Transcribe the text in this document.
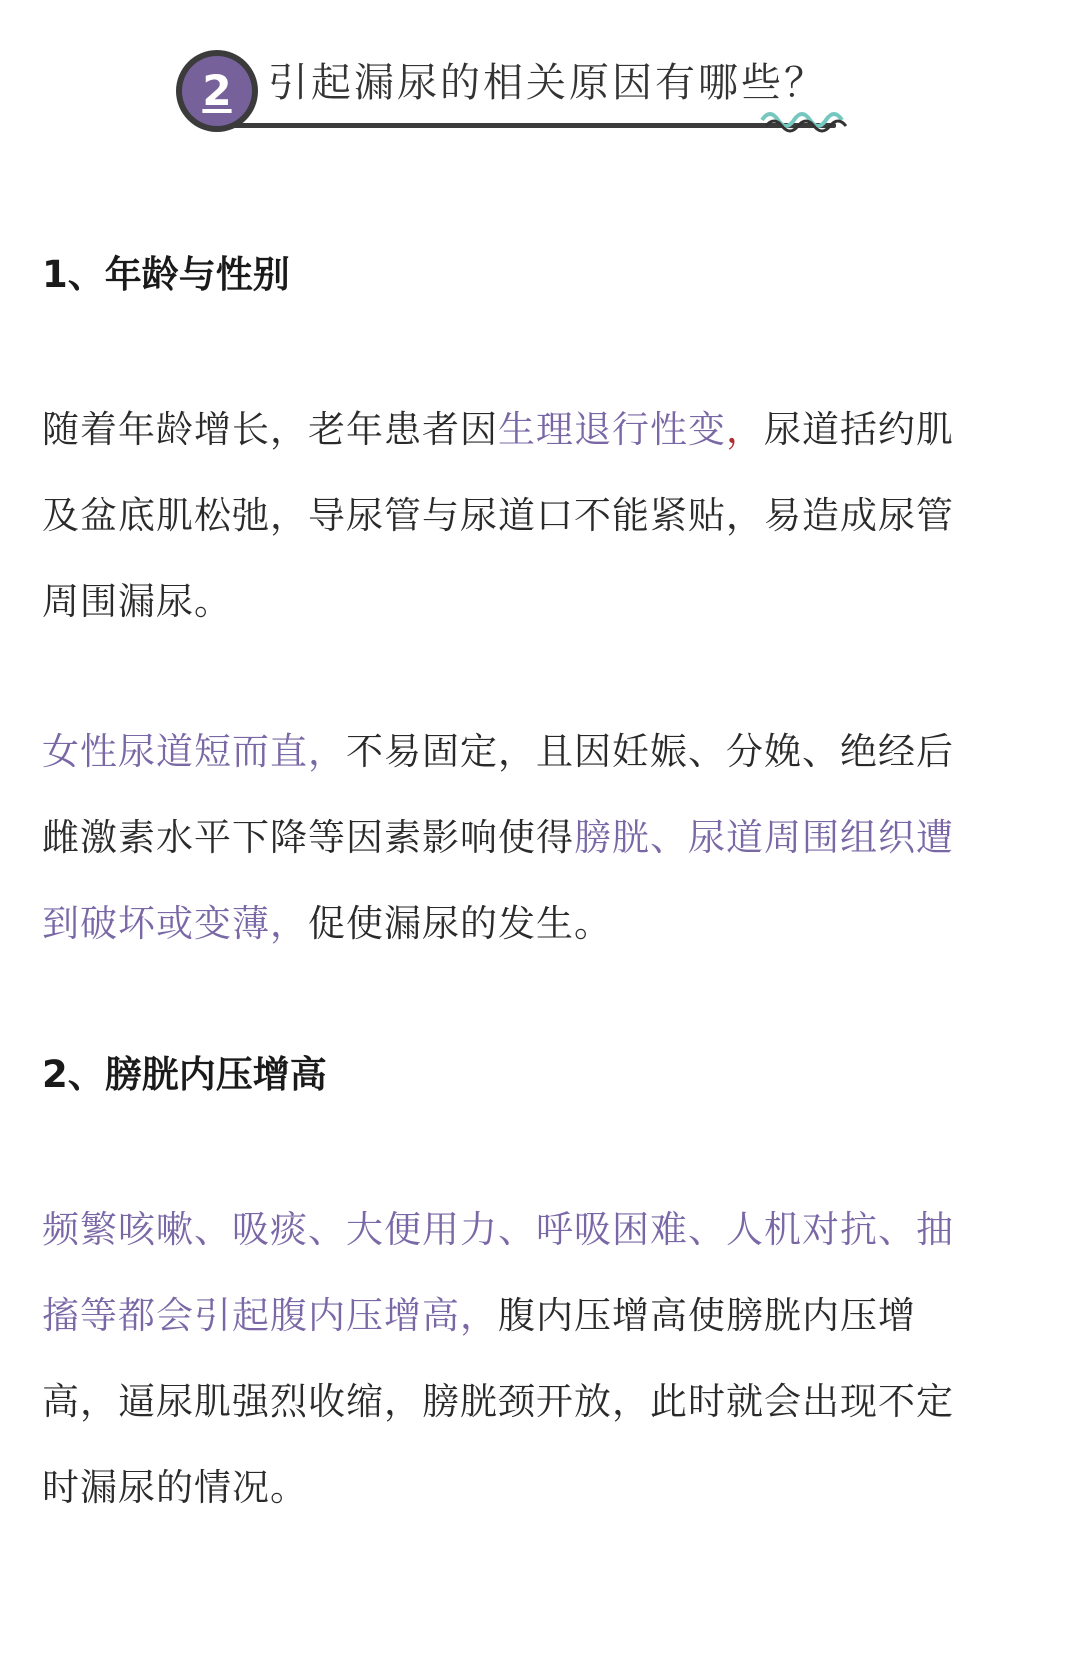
2 引起漏尿的相关原因有哪些？
1、年龄与性别
随着年龄增长，老年患者因生理退行性变，尿道括约肌
及盆底肌松弛，导尿管与尿道口不能紧贴，易造成尿管
周围漏尿。
女性尿道短而直，不易固定，且因妊娠、分娩、绝经后
雌激素水平下降等因素影响使得膀胱、尿道周围组织遭
到破坏或变薄，促使漏尿的发生。
2、膀胱内压增高
频繁咳嗽、吸痰、大便用力、呼吸困难、人机对抗、抽
搐等都会引起腹内压增高，腹内压增高使膀胱内压增
高，逼尿肌强烈收缩，膀胱颈开放，此时就会出现不定
时漏尿的情况。
